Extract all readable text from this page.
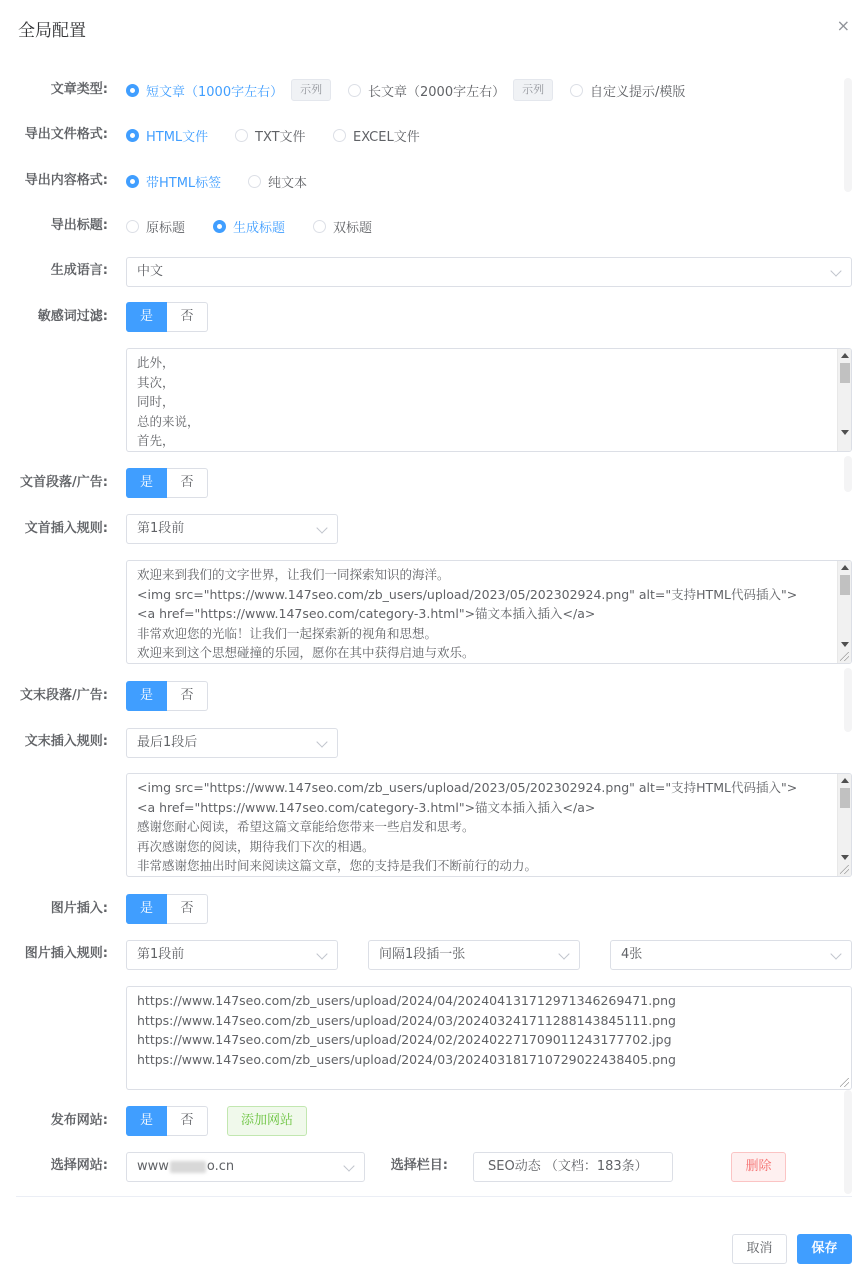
全局配置	×
文章类型:	短文章（1000字左右）	示列	长文章（2000字左右）	示列	自定义提示/模版
导出文件格式:	HTML文件	TXT文件	EXCEL文件
导出内容格式:	带HTML标签	纯文本
导出标题:	原标题	生成标题	双标题
生成语言:	中文
敏感词过滤:	是	否
此外，
其次，
同时，
总的来说，
首先，
文首段落/广告:	是	否
文首插入规则:	第1段前
欢迎来到我们的文字世界，让我们一同探索知识的海洋。
<img src="https://www.147seo.com/zb_users/upload/2023/05/202302924.png" alt="支持HTML代码插入">
<a href="https://www.147seo.com/category-3.html">锚文本插入插入</a>
非常欢迎您的光临！让我们一起探索新的视角和思想。
欢迎来到这个思想碰撞的乐园，愿你在其中获得启迪与欢乐。
文末段落/广告:	是	否
文末插入规则:	最后1段后
<img src="https://www.147seo.com/zb_users/upload/2023/05/202302924.png" alt="支持HTML代码插入">
<a href="https://www.147seo.com/category-3.html">锚文本插入插入</a>
感谢您耐心阅读，希望这篇文章能给您带来一些启发和思考。
再次感谢您的阅读，期待我们下次的相遇。
非常感谢您抽出时间来阅读这篇文章，您的支持是我们不断前行的动力。
图片插入:	是	否
图片插入规则:	第1段前	间隔1段插一张	4张
https://www.147seo.com/zb_users/upload/2024/04/20240413171297134626947​1.png
https://www.147seo.com/zb_users/upload/2024/03/20240324171128814384511​1.png
https://www.147seo.com/zb_users/upload/2024/02/20240227170901124317770​2.jpg
https://www.147seo.com/zb_users/upload/2024/03/20240318171072902243840​5.png
发布网站:	是	否	添加网站
选择网站:	www	o.cn	选择栏目:	SEO动态 （文档：183条）	删除
取消	保存
